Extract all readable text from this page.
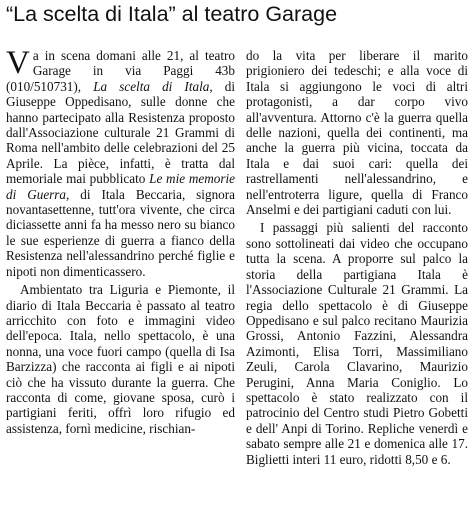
“La scelta di Itala” al teatro Garage

Va in scena domani alle 21, al teatro Garage in via Paggi 43b (010/510731), La scelta di Itala, di Giuseppe Oppedisano, sulle donne che hanno partecipato alla Resistenza proposto dall'Associazione culturale 21 Grammi di Roma nell'ambito delle celebrazioni del 25 Aprile. La pièce, infatti, è tratta dal memoriale mai pubblicato Le mie memorie di Guerra, di Itala Beccaria, signora novantasettenne, tutt'ora vivente, che circa diciassette anni fa ha messo nero su bianco le sue esperienze di guerra a fianco della Resistenza nell'alessandrino perché figlie e nipoti non dimenticassero.

Ambientato tra Liguria e Piemonte, il diario di Itala Beccaria è passato al teatro arricchito con foto e immagini video dell'epoca. Itala, nello spettacolo, è una nonna, una voce fuori campo (quella di Isa Barzizza) che racconta ai figli e ai nipoti ciò che ha vissuto durante la guerra. Che racconta di come, giovane sposa, curò i partigiani feriti, offrì loro rifugio ed assistenza, fornì medicine, rischian-

do la vita per liberare il marito prigioniero dei tedeschi; e alla voce di Itala si aggiungono le voci di altri protagonisti, a dar corpo vivo all'avventura. Attorno c'è la guerra quella delle nazioni, quella dei continenti, ma anche la guerra più vicina, toccata da Itala e dai suoi cari: quella dei rastrellamenti nell'alessandrino, e nell'entroterra ligure, quella di Franco Anselmi e dei partigiani caduti con lui.

I passaggi più salienti del racconto sono sottolineati dai video che occupano tutta la scena. A proporre sul palco la storia della partigiana Itala è l'Associazione Culturale 21 Grammi. La regia dello spettacolo è di Giuseppe Oppedisano e sul palco recitano Maurizia Grossi, Antonio Fazzini, Alessandra Azimonti, Elisa Torri, Massimiliano Zeuli, Carola Clavarino, Maurizio Perugini, Anna Maria Coniglio. Lo spettacolo è stato realizzato con il patrocinio del Centro studi Pietro Gobetti e dell' Anpi di Torino. Repliche venerdì e sabato sempre alle 21 e domenica alle 17. Biglietti interi 11 euro, ridotti 8,50 e 6.
